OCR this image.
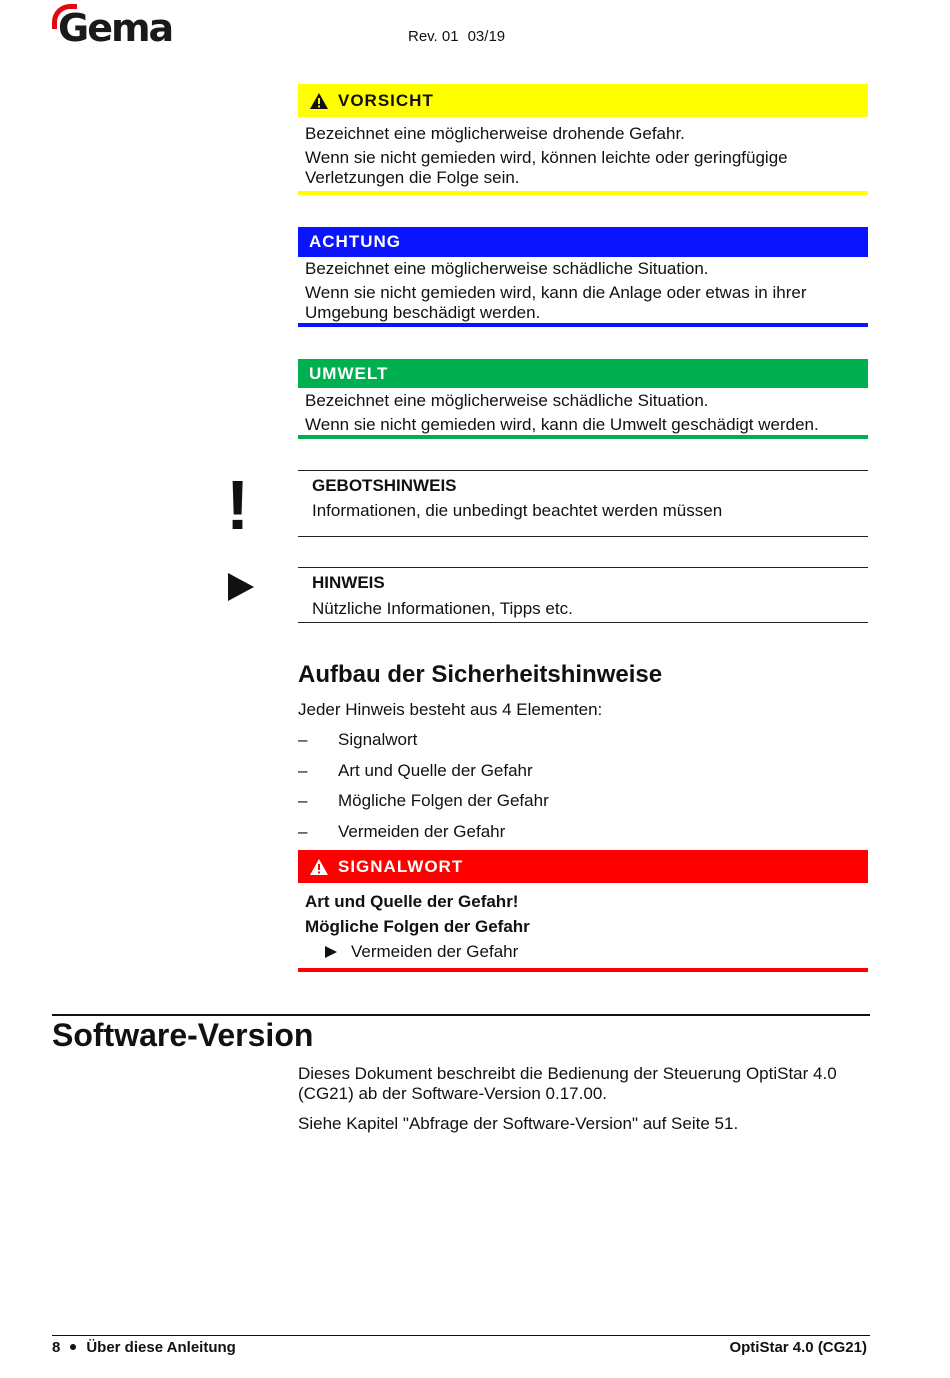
Gema	Rev. 01 03/19
VORSICHT

Bezeichnet eine möglicherweise drohende Gefahr.

Wenn sie nicht gemieden wird, können leichte oder geringfügige Verletzungen die Folge sein.

ACHTUNG

Bezeichnet eine möglicherweise schädliche Situation.

Wenn sie nicht gemieden wird, kann die Anlage oder etwas in ihrer Umgebung beschädigt werden.

UMWELT

Bezeichnet eine möglicherweise schädliche Situation.

Wenn sie nicht gemieden wird, kann die Umwelt geschädigt werden.

!	GEBOTSHINWEIS
Informationen, die unbedingt beachtet werden müssen
HINWEIS
Nützliche Informationen, Tipps etc.
Aufbau der Sicherheitshinweise
Jeder Hinweis besteht aus 4 Elementen:
–	Signalwort
–	Art und Quelle der Gefahr
–	Mögliche Folgen der Gefahr
–	Vermeiden der Gefahr
SIGNALWORT
Art und Quelle der Gefahr!
Mögliche Folgen der Gefahr
Vermeiden der Gefahr
Software-Version
Dieses Dokument beschreibt die Bedienung der Steuerung OptiStar 4.0 (CG21) ab der Software-Version 0.17.00.
Siehe Kapitel "Abfrage der Software-Version" auf Seite 51.
8 Über diese Anleitung	OptiStar 4.0 (CG21)
